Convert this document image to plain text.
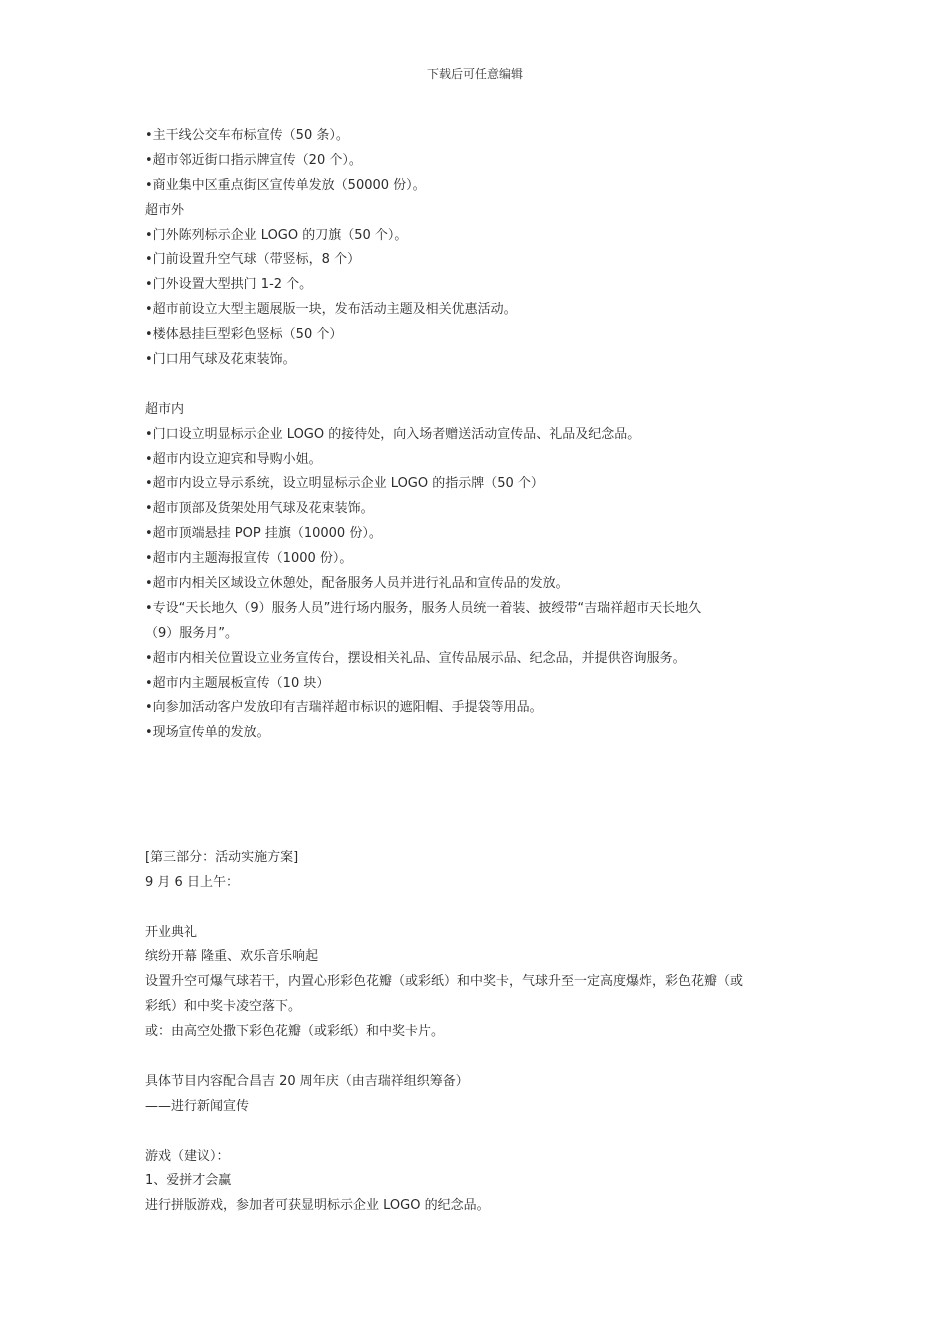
下载后可任意编辑
•主干线公交车布标宣传（50 条）。
•超市邻近街口指示牌宣传（20 个）。
•商业集中区重点街区宣传单发放（50000 份）。
超市外
•门外陈列标示企业 LOGO 的刀旗（50 个）。
•门前设置升空气球（带竖标，8 个）
•门外设置大型拱门 1-2 个。
•超市前设立大型主题展版一块，发布活动主题及相关优惠活动。
•楼体悬挂巨型彩色竖标（50 个）
•门口用气球及花束装饰。
超市内
•门口设立明显标示企业 LOGO 的接待处，向入场者赠送活动宣传品、礼品及纪念品。
•超市内设立迎宾和导购小姐。
•超市内设立导示系统，设立明显标示企业 LOGO 的指示牌（50 个）
•超市顶部及货架处用气球及花束装饰。
•超市顶端悬挂 POP 挂旗（10000 份）。
•超市内主题海报宣传（1000 份）。
•超市内相关区域设立休憩处，配备服务人员并进行礼品和宣传品的发放。
•专设“天长地久（9）服务人员”进行场内服务，服务人员统一着装、披绶带“吉瑞祥超市天长地久
（9）服务月”。
•超市内相关位置设立业务宣传台，摆设相关礼品、宣传品展示品、纪念品，并提供咨询服务。
•超市内主题展板宣传（10 块）
•向参加活动客户发放印有吉瑞祥超市标识的遮阳帽、手提袋等用品。
•现场宣传单的发放。
[第三部分：活动实施方案]
9 月 6 日上午：
开业典礼
缤纷开幕 隆重、欢乐音乐响起
设置升空可爆气球若干，内置心形彩色花瓣（或彩纸）和中奖卡，气球升至一定高度爆炸，彩色花瓣（或
彩纸）和中奖卡凌空落下。
或：由高空处撒下彩色花瓣（或彩纸）和中奖卡片。
具体节目内容配合昌吉 20 周年庆（由吉瑞祥组织筹备）
——进行新闻宣传
游戏（建议）：
1、爱拼才会赢
进行拼版游戏，参加者可获显明标示企业 LOGO 的纪念品。
